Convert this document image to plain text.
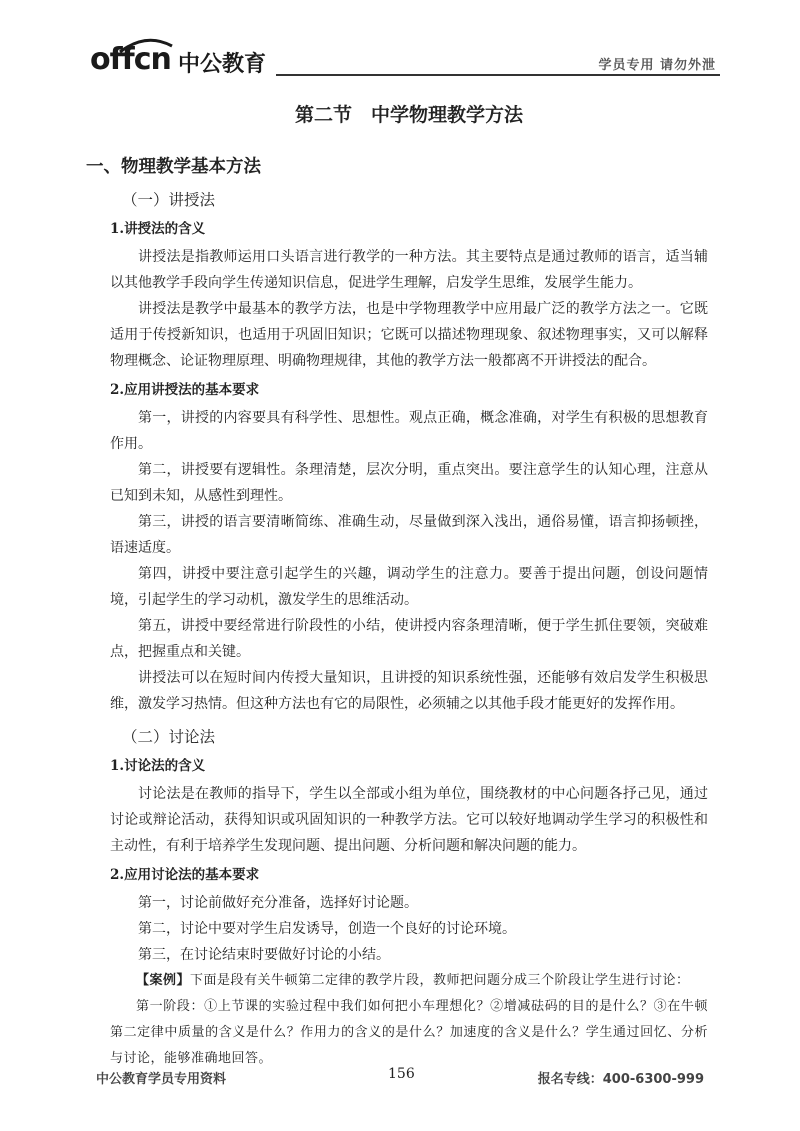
offcn 中公教育	学员专用 请勿外泄
第二节　中学物理教学方法
一、物理教学基本方法
（一）讲授法
1.讲授法的含义

讲授法是指教师运用口头语言进行教学的一种方法。其主要特点是通过教师的语言，适当辅以其他教学手段向学生传递知识信息，促进学生理解，启发学生思维，发展学生能力。

讲授法是教学中最基本的教学方法，也是中学物理教学中应用最广泛的教学方法之一。它既适用于传授新知识，也适用于巩固旧知识；它既可以描述物理现象、叙述物理事实，又可以解释物理概念、论证物理原理、明确物理规律，其他的教学方法一般都离不开讲授法的配合。

2.应用讲授法的基本要求

第一，讲授的内容要具有科学性、思想性。观点正确，概念准确，对学生有积极的思想教育作用。

第二，讲授要有逻辑性。条理清楚，层次分明，重点突出。要注意学生的认知心理，注意从已知到未知，从感性到理性。

第三，讲授的语言要清晰简练、准确生动，尽量做到深入浅出，通俗易懂，语言抑扬顿挫，语速适度。

第四，讲授中要注意引起学生的兴趣，调动学生的注意力。要善于提出问题，创设问题情境，引起学生的学习动机，激发学生的思维活动。

第五，讲授中要经常进行阶段性的小结，使讲授内容条理清晰，便于学生抓住要领，突破难点，把握重点和关键。

讲授法可以在短时间内传授大量知识，且讲授的知识系统性强，还能够有效启发学生积极思维，激发学习热情。但这种方法也有它的局限性，必须辅之以其他手段才能更好的发挥作用。

（二）讨论法
1.讨论法的含义

讨论法是在教师的指导下，学生以全部或小组为单位，围绕教材的中心问题各抒己见，通过讨论或辩论活动，获得知识或巩固知识的一种教学方法。它可以较好地调动学生学习的积极性和主动性，有利于培养学生发现问题、提出问题、分析问题和解决问题的能力。

2.应用讨论法的基本要求

第一，讨论前做好充分准备，选择好讨论题。

第二，讨论中要对学生启发诱导，创造一个良好的讨论环境。

第三，在讨论结束时要做好讨论的小结。

【案例】下面是段有关牛顿第二定律的教学片段，教师把问题分成三个阶段让学生进行讨论：

第一阶段：①上节课的实验过程中我们如何把小车理想化？②增减砝码的目的是什么？③在牛顿第二定律中质量的含义是什么？作用力的含义的是什么？加速度的含义是什么？学生通过回忆、分析与讨论，能够准确地回答。

中公教育学员专用资料	156	报名专线：400-6300-999
